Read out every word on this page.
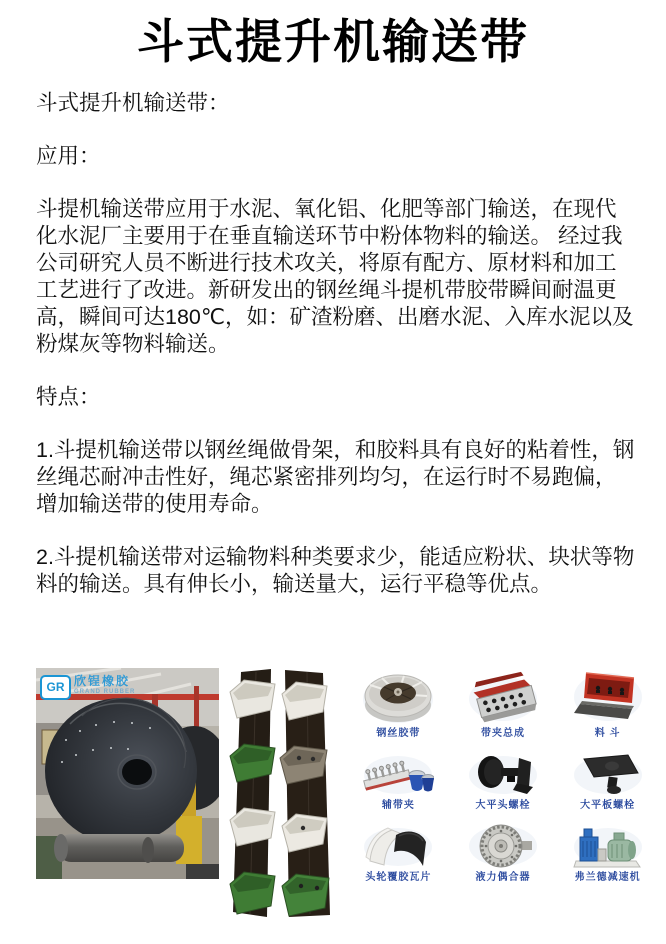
斗式提升机输送带

斗式提升机输送带：

应用：

斗提机输送带应用于水泥、氧化铝、化肥等部门输送，在现代化水泥厂主要用于在垂直输送环节中粉体物料的输送。 经过我公司研究人员不断进行技术攻关，将原有配方、原材料和加工工艺进行了改进。新研发出的钢丝绳斗提机带胶带瞬间耐温更高，瞬间可达180℃，如：矿渣粉磨、出磨水泥、入库水泥以及粉煤灰等物料输送。

特点：

1.斗提机输送带以钢丝绳做骨架，和胶料具有良好的粘着性，钢丝绳芯耐冲击性好，绳芯紧密排列均匀，在运行时不易跑偏，增加输送带的使用寿命。

2.斗提机输送带对运输物料种类要求少，能适应粉状、块状等物料的输送。具有伸长小，输送量大，运行平稳等优点。

GR 欣锃橡胶
GRAND RUBBER
钢丝胶带	带夹总成	料 斗
辅带夹	大平头螺栓	大平板螺栓
头轮覆胶瓦片	液力偶合器	弗兰德减速机
